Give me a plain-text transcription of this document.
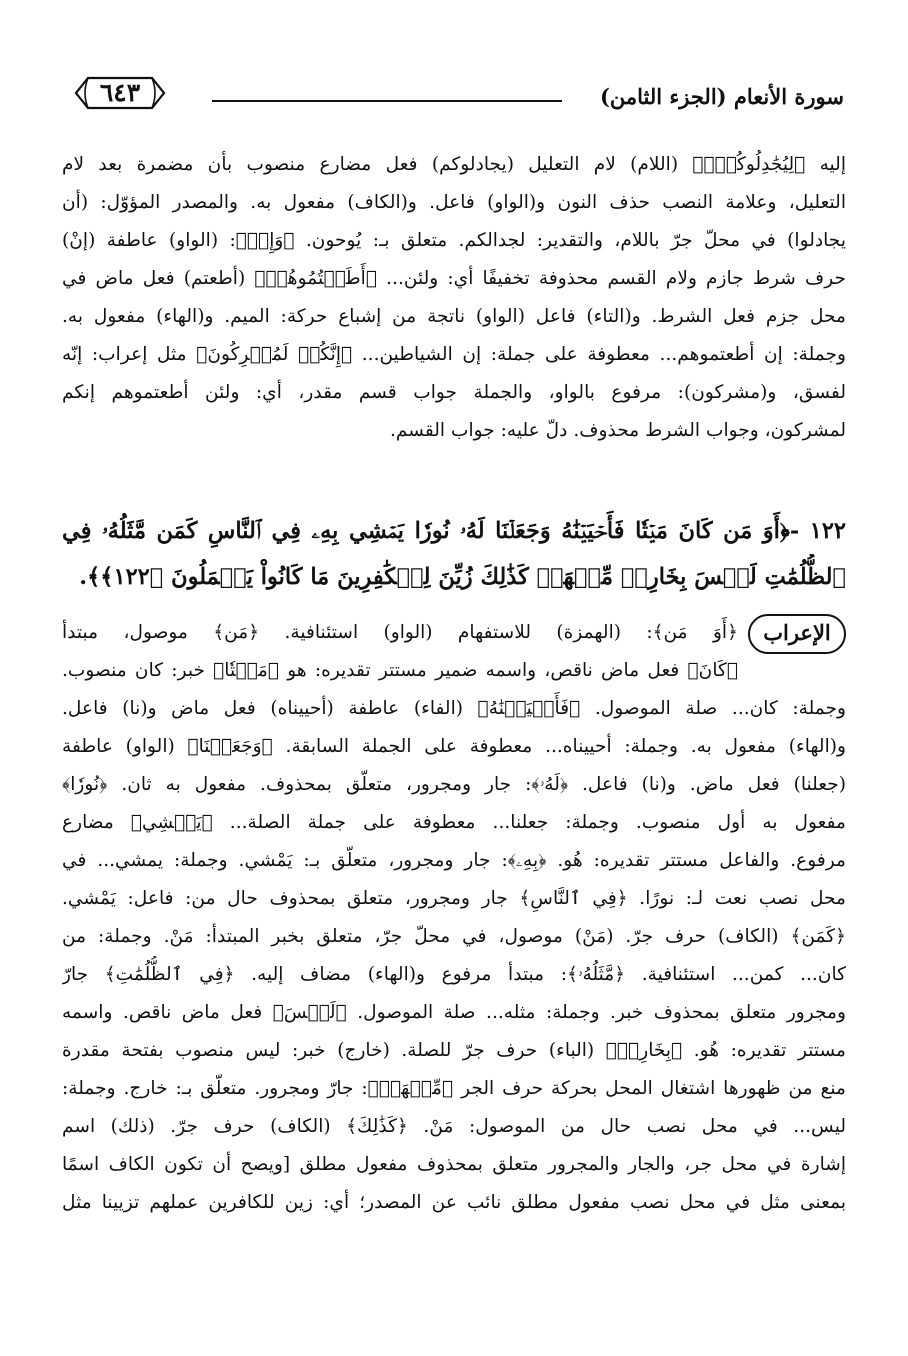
٦٤٣	سورة الأنعام (الجزء الثامن)
إليه ﴿لِيُجَٰدِلُوكُمْۖ﴾ (اللام) لام التعليل (يجادلوكم) فعل مضارع منصوب بأن مضمرة بعد لام
التعليل، وعلامة النصب حذف النون و(الواو) فاعل. و(الكاف) مفعول به. والمصدر المؤوّل: (أن
يجادلوا) في محلّ جرّ باللام، والتقدير: لجدالكم. متعلق بـ: يُوحون. ﴿وَإِنۡ﴾: (الواو) عاطفة (إنْ)
حرف شرط جازم ولام القسم محذوفة تخفيفًا أي: ولئن... ﴿أَطَعۡتُمُوهُمۡ﴾ (أطعتم) فعل ماض في
محل جزم فعل الشرط. و(التاء) فاعل (الواو) ناتجة من إشباع حركة: الميم. و(الهاء) مفعول به.
وجملة: إن أطعتموهم... معطوفة على جملة: إن الشياطين... ﴿إِنَّكُمۡ لَمُشۡرِكُونَ﴾ مثل إعراب: إنّه
لفسق، و(مشركون): مرفوع بالواو، والجملة جواب قسم مقدر، أي: ولئن أطعتموهم إنكم
لمشركون، وجواب الشرط محذوف. دلّ عليه: جواب القسم.
١٢٢ -﴿أَوَ مَن كَانَ مَيۡتٗا فَأَحۡيَيۡنَٰهُ وَجَعَلۡنَا لَهُۥ نُورٗا يَمۡشِي بِهِۦ فِي ٱلنَّاسِ كَمَن مَّثَلُهُۥ فِي
ٱلظُّلُمَٰتِ لَيۡسَ بِخَارِجٖ مِّنۡهَاۚ كَذَٰلِكَ زُيِّنَ لِلۡكَٰفِرِينَ مَا كَانُواْ يَعۡمَلُونَ ﴿١٢٢﴾﴾.
الإعراب
﴿أَوَ مَن﴾: (الهمزة) للاستفهام (الواو) استئنافية. ﴿مَن﴾ موصول، مبتدأ
﴿كَانَ﴾ فعل ماض ناقص، واسمه ضمير مستتر تقديره: هو ﴿مَيۡتٗا﴾ خبر: كان منصوب.
وجملة: كان... صلة الموصول. ﴿فَأَحۡيَيۡنَٰهُ﴾ (الفاء) عاطفة (أحييناه) فعل ماض و(نا) فاعل.
و(الهاء) مفعول به. وجملة: أحييناه... معطوفة على الجملة السابقة. ﴿وَجَعَلۡنَا﴾ (الواو) عاطفة
(جعلنا) فعل ماض. و(نا) فاعل. ﴿لَهُۥ﴾: جار ومجرور، متعلّق بمحذوف. مفعول به ثان. ﴿نُورٗا﴾
مفعول به أول منصوب. وجملة: جعلنا... معطوفة على جملة الصلة... ﴿يَمۡشِي﴾ مضارع
مرفوع. والفاعل مستتر تقديره: هُو. ﴿بِهِۦ﴾: جار ومجرور، متعلّق بـ: يَمْشي. وجملة: يمشي... في
محل نصب نعت لـ: نورًا. ﴿فِي ٱلنَّاسِ﴾ جار ومجرور، متعلق بمحذوف حال من: فاعل: يَمْشي.
﴿كَمَن﴾ (الكاف) حرف جرّ. (مَنْ) موصول، في محلّ جرّ، متعلق بخبر المبتدأ: مَنْ. وجملة: من
كان... كمن... استئنافية. ﴿مَّثَلُهُۥ﴾: مبتدأ مرفوع و(الهاء) مضاف إليه. ﴿فِي ٱلظُّلُمَٰتِ﴾ جارّ
ومجرور متعلق بمحذوف خبر. وجملة: مثله... صلة الموصول. ﴿لَيۡسَ﴾ فعل ماض ناقص. واسمه
مستتر تقديره: هُو. ﴿بِخَارِجٖ﴾ (الباء) حرف جرّ للصلة. (خارج) خبر: ليس منصوب بفتحة مقدرة
منع من ظهورها اشتغال المحل بحركة حرف الجر ﴿مِّنۡهَاۚ﴾: جارّ ومجرور. متعلّق بـ: خارج. وجملة:
ليس... في محل نصب حال من الموصول: مَنْ. ﴿كَذَٰلِكَ﴾ (الكاف) حرف جرّ. (ذلك) اسم
إشارة في محل جر، والجار والمجرور متعلق بمحذوف مفعول مطلق [ويصح أن تكون الكاف اسمًا
بمعنى مثل في محل نصب مفعول مطلق نائب عن المصدر؛ أي: زين للكافرين عملهم تزيينا مثل
